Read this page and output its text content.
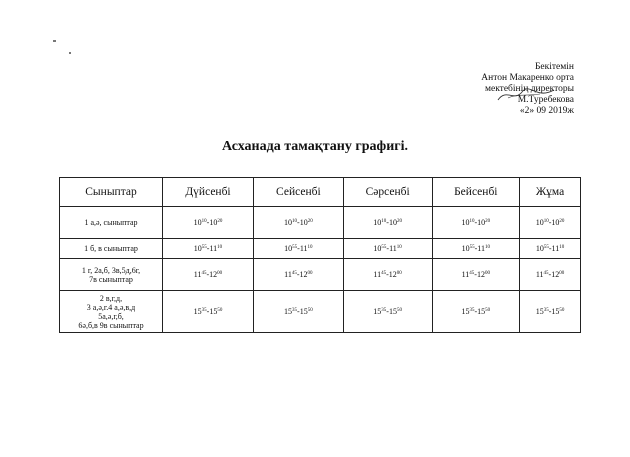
Бекітемін
Антон Макаренко орта
мектебінің директоры
М.Туребекова
«2» 09 2019ж
Асханада тамақтану графигі.
Сыныптар	Дүйсенбі	Сейсенбі	Сәрсенбі	Бейсенбі	Жұма

1 а,ә, сыныптар	$10^{10}-10^{20}$	$10^{10}-10^{20}$	$10^{10}-10^{20}$	$10^{10}-10^{20}$	$10^{10}-10^{20}$

1 б, в сыныптар	$10^{55}-11^{10}$	$10^{55}-11^{10}$	$10^{55}-11^{10}$	$10^{55}-11^{10}$	$10^{55}-11^{10}$

1 г, 2а,б, 3в,5д,6г,
7в сыныптар	$11^{45}-12^{00}$	$11^{45}-12^{00}$	$11^{45}-12^{00}$	$11^{45}-12^{00}$	$11^{45}-12^{00}$

2 в,г,д,
3 а,ә,г.4 а,ә,в,д
5а,ә,г,б,
6ә,б,в 9в сыныптар	$15^{35}-15^{50}$	$15^{35}-15^{50}$	$15^{35}-15^{50}$	$15^{35}-15^{50}$	$15^{35}-15^{50}$
